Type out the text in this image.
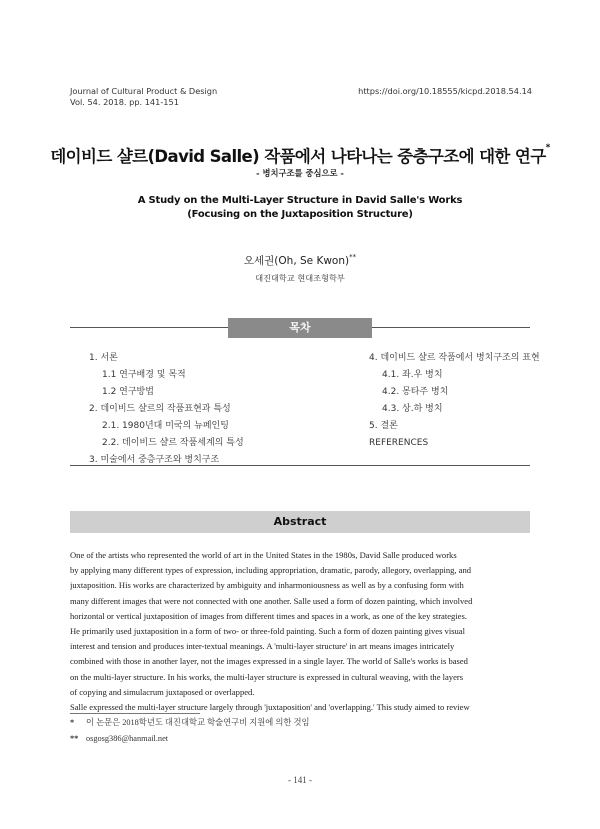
Journal of Cultural Product & Design
Vol. 54. 2018. pp. 141-151
https://doi.org/10.18555/kicpd.2018.54.14
데이비드 샬르(David Salle) 작품에서 나타나는 중층구조에 대한 연구*
- 병치구조를 중심으로 -
A Study on the Multi-Layer Structure in David Salle's Works
(Focusing on the Juxtaposition Structure)
오세권(Oh, Se Kwon)**
대진대학교 현대조형학부
목차
1. 서론
1.1 연구배경 및 목적
1.2 연구방법
2. 데이비드 샬르의 작품표현과 특성
2.1. 1980년대 미국의 뉴페인팅
2.2. 데이비드 샬르 작품세계의 특성
3. 미술에서 중층구조와 병치구조
4. 데이비드 샬르 작품에서 병치구조의 표현
4.1. 좌.우 병치
4.2. 몽타주 병치
4.3. 상.하 병치
5. 결론
REFERENCES
Abstract
One of the artists who represented the world of art in the United States in the 1980s, David Salle produced works
by applying many different types of expression, including appropriation, dramatic, parody, allegory, overlapping, and
juxtaposition. His works are characterized by ambiguity and inharmoniousness as well as by a confusing form with
many different images that were not connected with one another. Salle used a form of dozen painting, which involved
horizontal or vertical juxtaposition of images from different times and spaces in a work, as one of the key strategies.
He primarily used juxtaposition in a form of two- or three-fold painting. Such a form of dozen painting gives visual
interest and tension and produces inter-textual meanings. A 'multi-layer structure' in art means images intricately
combined with those in another layer, not the images expressed in a single layer. The world of Salle's works is based
on the multi-layer structure. In his works, the multi-layer structure is expressed in cultural weaving, with the layers
of copying and simulacrum juxtaposed or overlapped.
Salle expressed the multi-layer structure largely through 'juxtaposition' and 'overlapping.' This study aimed to review
* 이 논문은 2018학년도 대진대학교 학술연구비 지원에 의한 것임
** osgosg386@hanmail.net
- 141 -
